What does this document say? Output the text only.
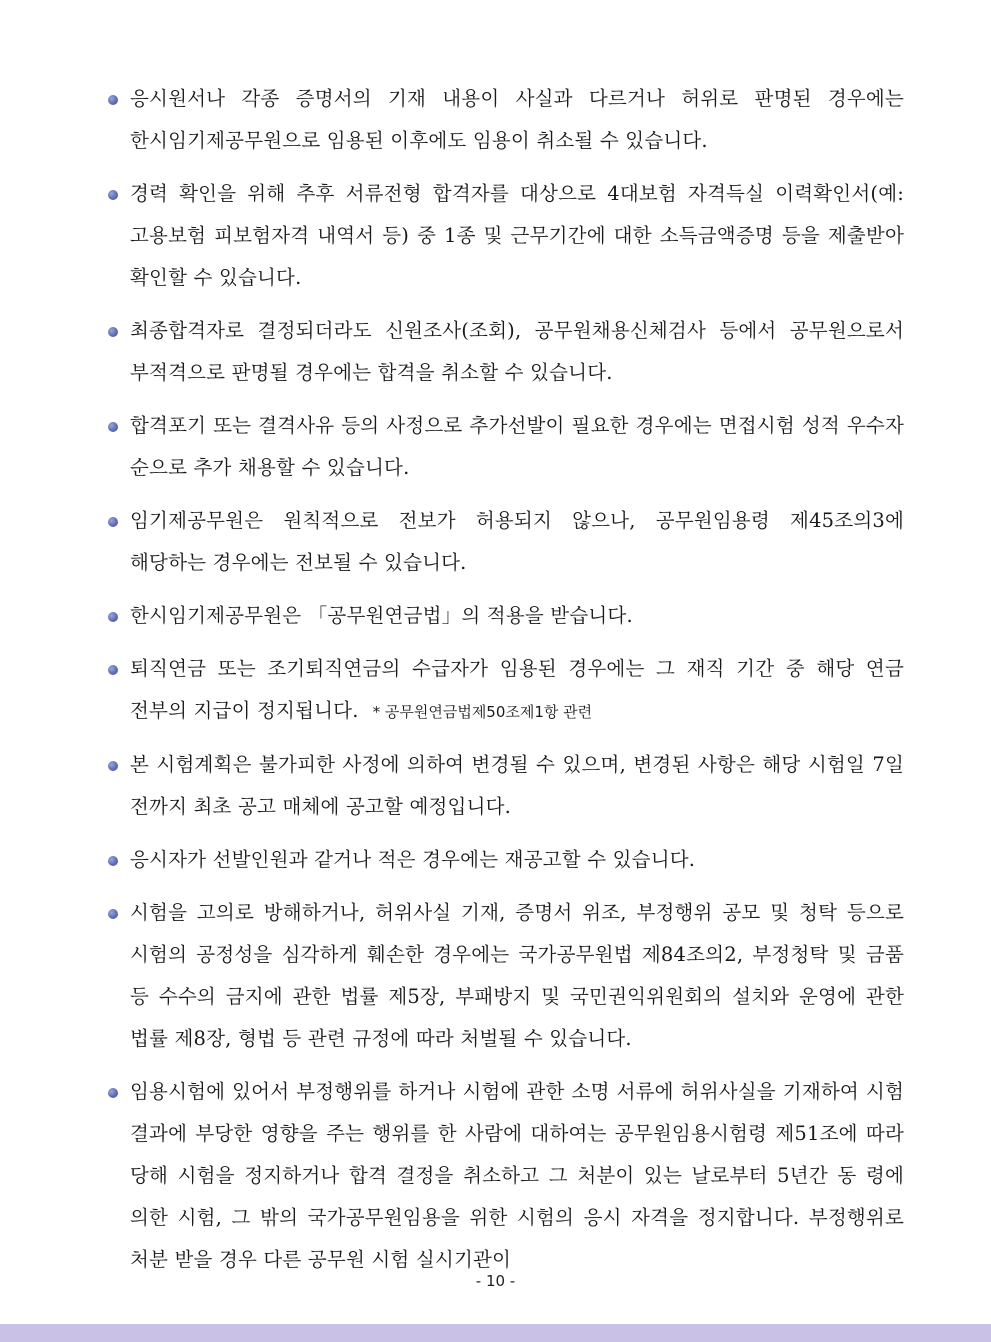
응시원서나 각종 증명서의 기재 내용이 사실과 다르거나 허위로 판명된 경우에는 한시임기제공무원으로 임용된 이후에도 임용이 취소될 수 있습니다.
경력 확인을 위해 추후 서류전형 합격자를 대상으로 4대보험 자격득실 이력확인서(예:고용보험 피보험자격 내역서 등) 중 1종 및 근무기간에 대한 소득금액증명 등을 제출받아 확인할 수 있습니다.
최종합격자로 결정되더라도 신원조사(조회), 공무원채용신체검사 등에서 공무원으로서 부적격으로 판명될 경우에는 합격을 취소할 수 있습니다.
합격포기 또는 결격사유 등의 사정으로 추가선발이 필요한 경우에는 면접시험 성적 우수자 순으로 추가 채용할 수 있습니다.
임기제공무원은 원칙적으로 전보가 허용되지 않으나, 공무원임용령 제45조의3에 해당하는 경우에는 전보될 수 있습니다.
한시임기제공무원은 「공무원연금법」의 적용을 받습니다.
퇴직연금 또는 조기퇴직연금의 수급자가 임용된 경우에는 그 재직 기간 중 해당 연금 전부의 지급이 정지됩니다. * 공무원연금법제50조제1항 관련
본 시험계획은 불가피한 사정에 의하여 변경될 수 있으며, 변경된 사항은 해당 시험일 7일 전까지 최초 공고 매체에 공고할 예정입니다.
응시자가 선발인원과 같거나 적은 경우에는 재공고할 수 있습니다.
시험을 고의로 방해하거나, 허위사실 기재, 증명서 위조, 부정행위 공모 및 청탁 등으로 시험의 공정성을 심각하게 훼손한 경우에는 국가공무원법 제84조의2, 부정청탁 및 금품 등 수수의 금지에 관한 법률 제5장, 부패방지 및 국민권익위원회의 설치와 운영에 관한 법률 제8장, 형법 등 관련 규정에 따라 처벌될 수 있습니다.
임용시험에 있어서 부정행위를 하거나 시험에 관한 소명 서류에 허위사실을 기재하여 시험 결과에 부당한 영향을 주는 행위를 한 사람에 대하여는 공무원임용시험령 제51조에 따라 당해 시험을 정지하거나 합격 결정을 취소하고 그 처분이 있는 날로부터 5년간 동 령에 의한 시험, 그 밖의 국가공무원임용을 위한 시험의 응시 자격을 정지합니다. 부정행위로 처분 받을 경우 다른 공무원 시험 실시기관이
- 10 -
